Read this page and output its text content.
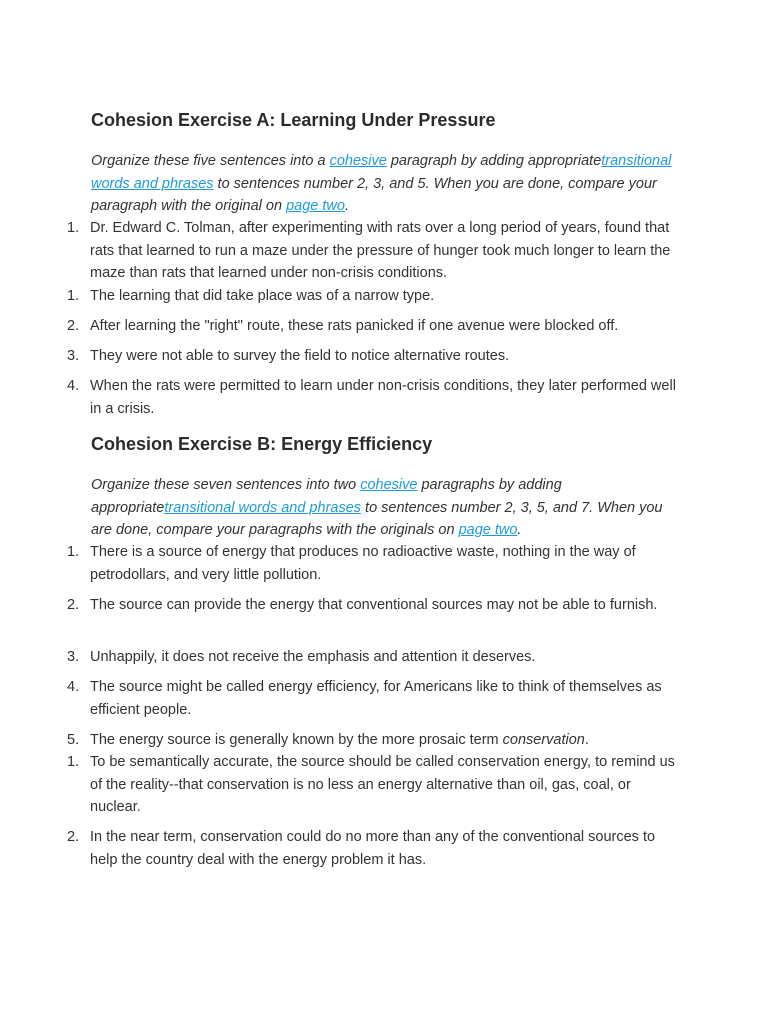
Cohesion Exercise A: Learning Under Pressure

Organize these five sentences into a cohesive paragraph by adding appropriatetransitional words and phrases to sentences number 2, 3, and 5. When you are done, compare your paragraph with the original on page two.

1. Dr. Edward C. Tolman, after experimenting with rats over a long period of years, found that rats that learned to run a maze under the pressure of hunger took much longer to learn the maze than rats that learned under non-crisis conditions.
1. The learning that did take place was of a narrow type.
2. After learning the "right" route, these rats panicked if one avenue were blocked off.
3. They were not able to survey the field to notice alternative routes.
4. When the rats were permitted to learn under non-crisis conditions, they later performed well in a crisis.
Cohesion Exercise B: Energy Efficiency

Organize these seven sentences into two cohesive paragraphs by adding appropriatetransitional words and phrases to sentences number 2, 3, 5, and 7. When you are done, compare your paragraphs with the originals on page two.

1. There is a source of energy that produces no radioactive waste, nothing in the way of petrodollars, and very little pollution.
2. The source can provide the energy that conventional sources may not be able to furnish.
3. Unhappily, it does not receive the emphasis and attention it deserves.
4. The source might be called energy efficiency, for Americans like to think of themselves as efficient people.
5. The energy source is generally known by the more prosaic term conservation.
1. To be semantically accurate, the source should be called conservation energy, to remind us of the reality--that conservation is no less an energy alternative than oil, gas, coal, or nuclear.
2. In the near term, conservation could do no more than any of the conventional sources to help the country deal with the energy problem it has.
